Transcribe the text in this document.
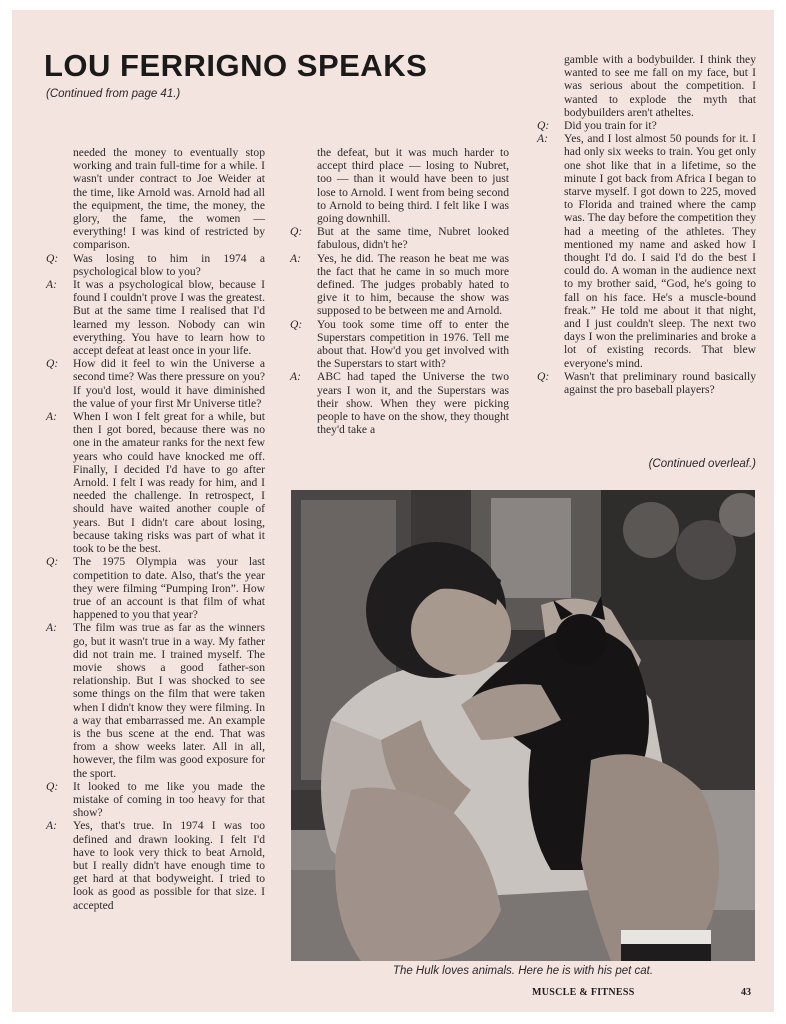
LOU FERRIGNO SPEAKS
(Continued from page 41.)

needed the money to eventually stop working and train full-time for a while. I wasn't under contract to Joe Weider at the time, like Arnold was. Arnold had all the equipment, the time, the money, the glory, the fame, the women — everything! I was kind of restricted by comparison.

Q: Was losing to him in 1974 a psychological blow to you?

A: It was a psychological blow, because I found I couldn't prove I was the greatest. But at the same time I realised that I'd learned my lesson. Nobody can win everything. You have to learn how to accept defeat at least once in your life.

Q: How did it feel to win the Universe a second time? Was there pressure on you? If you'd lost, would it have diminished the value of your first Mr Universe title?

A: When I won I felt great for a while, but then I got bored, because there was no one in the amateur ranks for the next few years who could have knocked me off. Finally, I decided I'd have to go after Arnold. I felt I was ready for him, and I needed the challenge. In retrospect, I should have waited another couple of years. But I didn't care about losing, because taking risks was part of what it took to be the best.

Q: The 1975 Olympia was your last competition to date. Also, that's the year they were filming “Pumping Iron”. How true of an account is that film of what happened to you that year?

A: The film was true as far as the winners go, but it wasn't true in a way. My father did not train me. I trained myself. The movie shows a good father-son relationship. But I was shocked to see some things on the film that were taken when I didn't know they were filming. In a way that embarrassed me. An example is the bus scene at the end. That was from a show weeks later. All in all, however, the film was good exposure for the sport.

Q: It looked to me like you made the mistake of coming in too heavy for that show?

A: Yes, that's true. In 1974 I was too defined and drawn looking. I felt I'd have to look very thick to beat Arnold, but I really didn't have enough time to get hard at that bodyweight. I tried to look as good as possible for that size. I accepted

the defeat, but it was much harder to accept third place — losing to Nubret, too — than it would have been to just lose to Arnold. I went from being second to Arnold to being third. I felt like I was going downhill.

Q: But at the same time, Nubret looked fabulous, didn't he?

A: Yes, he did. The reason he beat me was the fact that he came in so much more defined. The judges probably hated to give it to him, because the show was supposed to be between me and Arnold.

Q: You took some time off to enter the Superstars competition in 1976. Tell me about that. How'd you get involved with the Superstars to start with?

A: ABC had taped the Universe the two years I won it, and the Superstars was their show. When they were picking people to have on the show, they thought they'd take a

gamble with a bodybuilder. I think they wanted to see me fall on my face, but I was serious about the competition. I wanted to explode the myth that bodybuilders aren't atheltes.

Q: Did you train for it?

A: Yes, and I lost almost 50 pounds for it. I had only six weeks to train. You get only one shot like that in a lifetime, so the minute I got back from Africa I began to starve myself. I got down to 225, moved to Florida and trained where the camp was. The day before the competition they had a meeting of the athletes. They mentioned my name and asked how I thought I'd do. I said I'd do the best I could do. A woman in the audience next to my brother said, “God, he's going to fall on his face. He's a muscle-bound freak.” He told me about it that night, and I just couldn't sleep. The next two days I won the preliminaries and broke a lot of existing records. That blew everyone's mind.

Q: Wasn't that preliminary round basically against the pro baseball players?

(Continued overleaf.)
The Hulk loves animals. Here he is with his pet cat.
MUSCLE & FITNESS	43
